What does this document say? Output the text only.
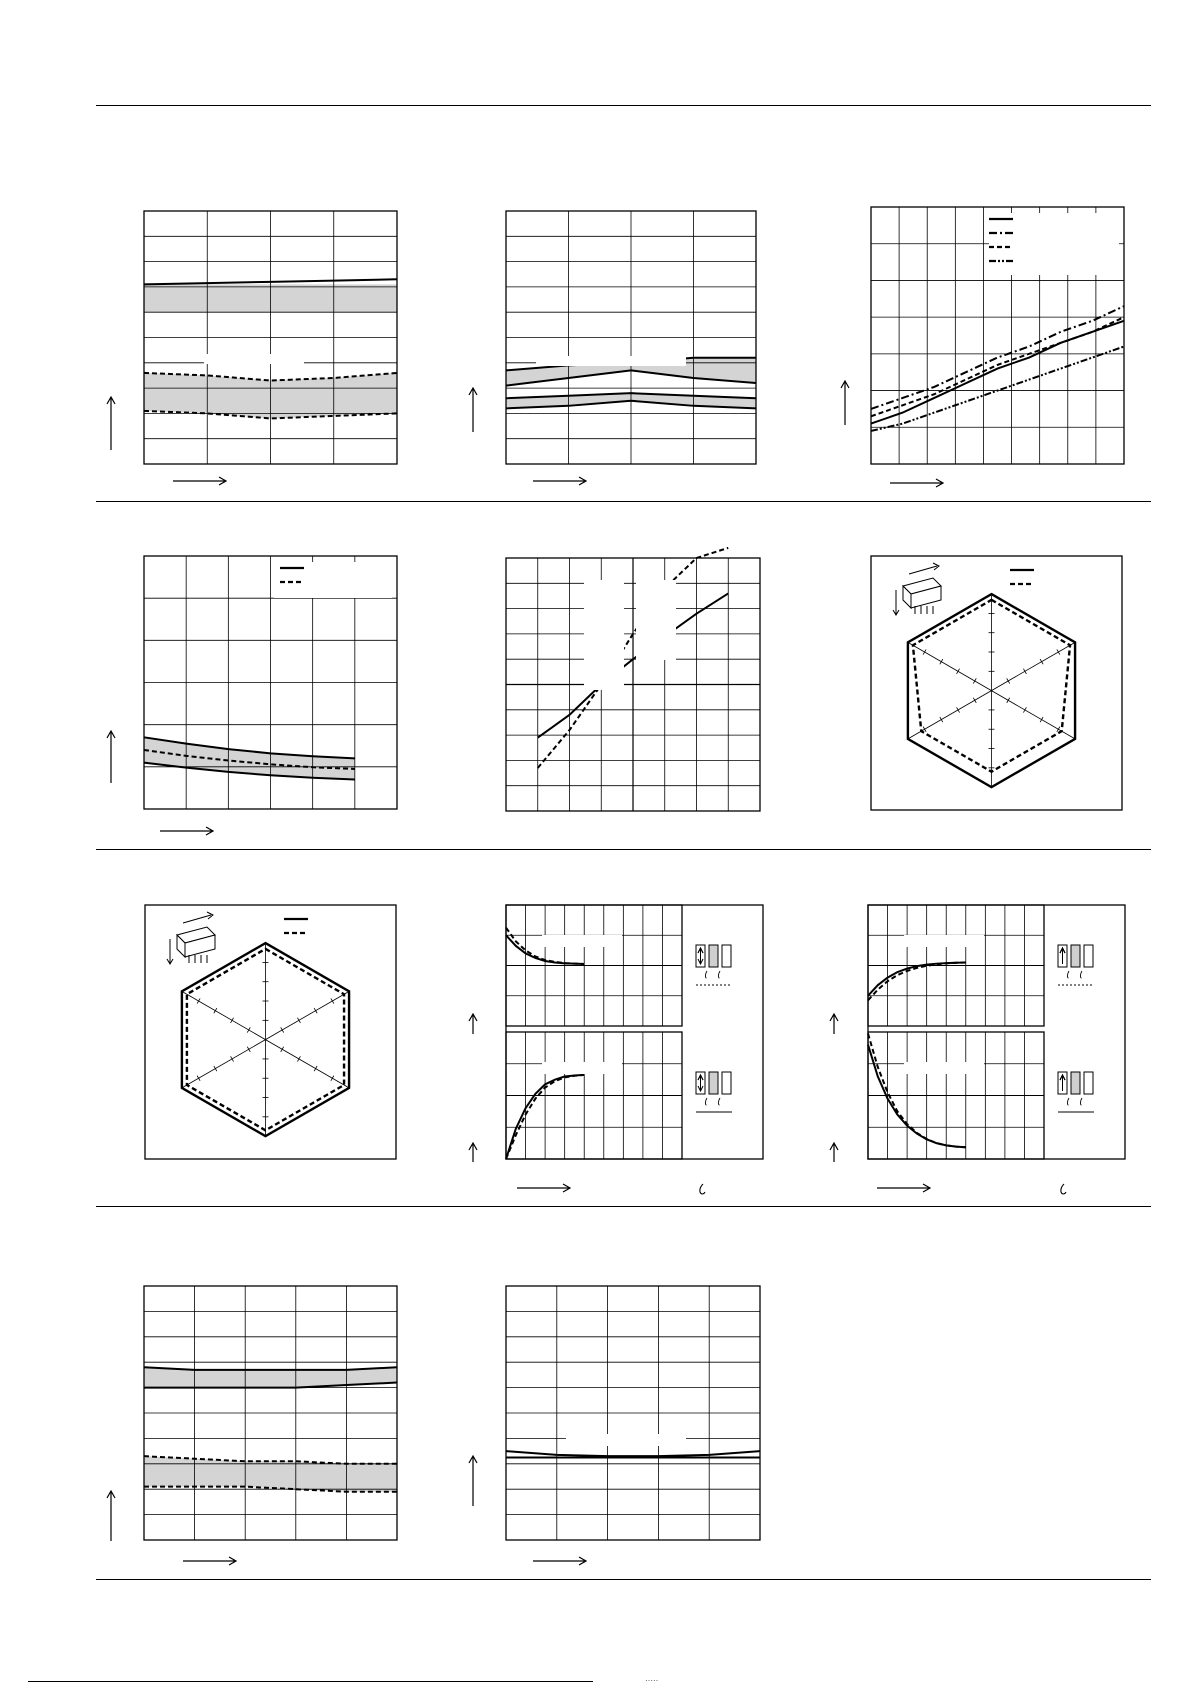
·····
